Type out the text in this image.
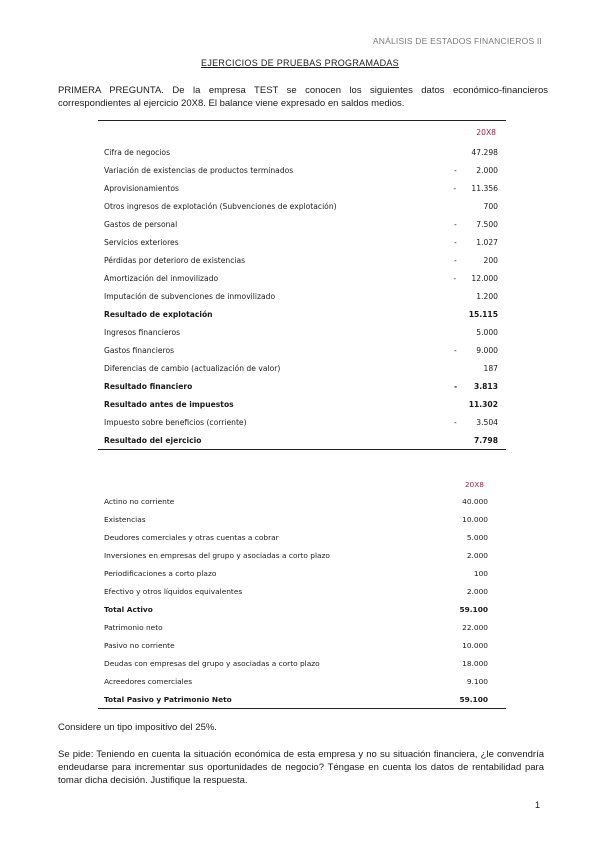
ANÁLISIS DE ESTADOS FINANCIEROS II
EJERCICIOS DE PRUEBAS PROGRAMADAS
PRIMERA PREGUNTA. De la empresa TEST se conocen los siguientes datos económico-financieros correspondientes al ejercicio 20X8. El balance viene expresado en saldos medios.
	20X8
Cifra de negocios	47.298
Variación de existencias de productos terminados	- 2.000
Aprovisionamientos	- 11.356
Otros ingresos de explotación (Subvenciones de explotación)	700
Gastos de personal	- 7.500
Servicios exteriores	- 1.027
Pérdidas por deterioro de existencias	- 200
Amortización del inmovilizado	- 12.000
Imputación de subvenciones de inmovilizado	1.200
Resultado de explotación	15.115
Ingresos financieros	5.000
Gastos financieros	- 9.000
Diferencias de cambio (actualización de valor)	187
Resultado financiero	- 3.813
Resultado antes de impuestos	11.302
Impuesto sobre beneficios (corriente)	- 3.504
Resultado del ejercicio	7.798
	20X8
Actino no corriente	40.000
Existencias	10.000
Deudores comerciales y otras cuentas a cobrar	5.000
Inversiones en empresas del grupo y asociadas a corto plazo	2.000
Periodificaciones a corto plazo	100
Efectivo y otros líquidos equivalentes	2.000
Total Activo	59.100
Patrimonio neto	22.000
Pasivo no corriente	10.000
Deudas con empresas del grupo y asociadas a corto plazo	18.000
Acreedores comerciales	9.100
Total Pasivo y Patrimonio Neto	59.100
Considere un tipo impositivo del 25%.
Se pide: Teniendo en cuenta la situación económica de esta empresa y no su situación financiera, ¿le convendría endeudarse para incrementar sus oportunidades de negocio? Téngase en cuenta los datos de rentabilidad para tomar dicha decisión. Justifique la respuesta.
1
